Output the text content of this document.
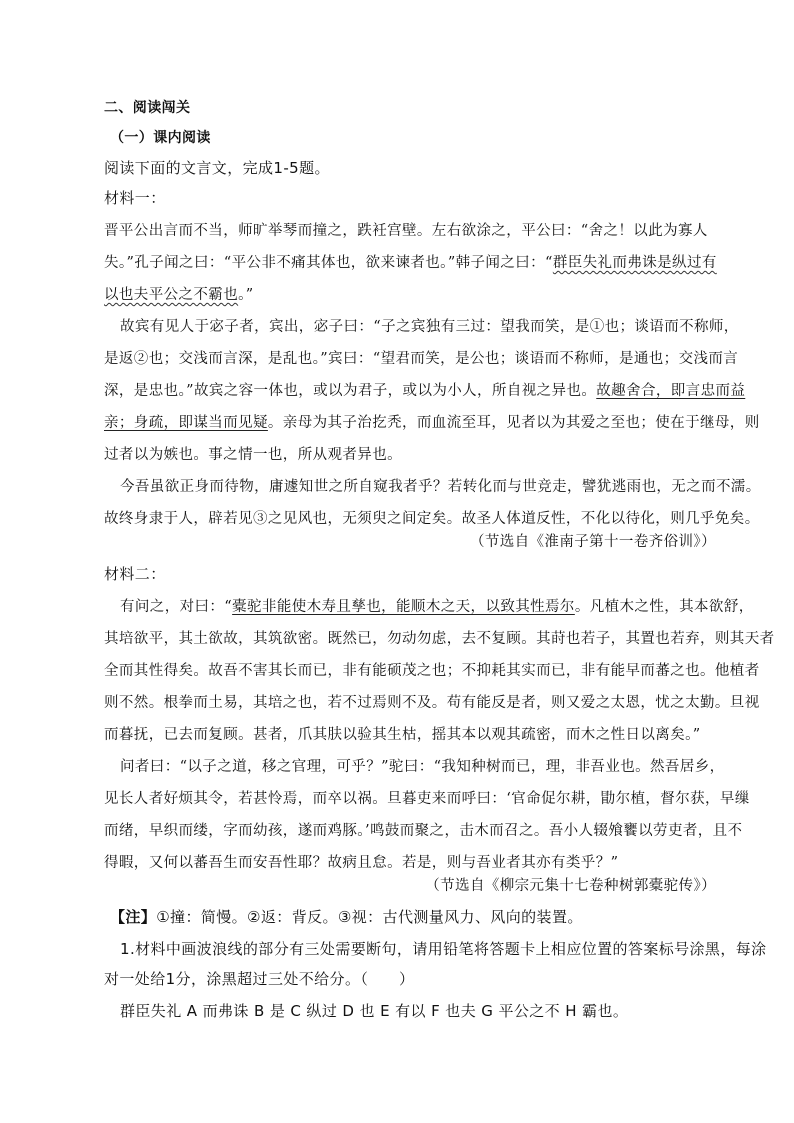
二、阅读闯关
（一）课内阅读
阅读下面的文言文，完成1-5题。
材料一：
晋平公出言而不当，师旷举琴而撞之，跌衽宫壁。左右欲涂之，平公曰：“舍之！以此为寡人
失。”孔子闻之曰：“平公非不痛其体也，欲来谏者也。”韩子闻之曰：“群臣失礼而弗诛是纵过有
以也夫平公之不霸也。”
故宾有见人于宓子者，宾出，宓子曰：“子之宾独有三过：望我而笑，是①也；谈语而不称师，
是返②也；交浅而言深，是乱也。”宾曰：“望君而笑，是公也；谈语而不称师，是通也；交浅而言
深，是忠也。”故宾之容一体也，或以为君子，或以为小人，所自视之异也。故趣舍合，即言忠而益
亲；身疏，即谋当而见疑。亲母为其子治扢秃，而血流至耳，见者以为其爱之至也；使在于继母，则
过者以为嫉也。事之情一也，所从观者异也。
今吾虽欲正身而待物，庸遽知世之所自窥我者乎？若转化而与世竞走，譬犹逃雨也，无之而不濡。
故终身隶于人，辟若见③之见风也，无须臾之间定矣。故圣人体道反性，不化以待化，则几乎免矣。
（节选自《淮南子第十一卷齐俗训》）
材料二：
有问之，对曰：“橐驼非能使木寿且孳也，能顺木之天，以致其性焉尔。凡植木之性，其本欲舒，
其培欲平，其土欲故，其筑欲密。既然已，勿动勿虑，去不复顾。其莳也若子，其置也若弃，则其天者
全而其性得矣。故吾不害其长而已，非有能硕茂之也；不抑耗其实而已，非有能早而蕃之也。他植者
则不然。根拳而土易，其培之也，若不过焉则不及。苟有能反是者，则又爱之太恩，忧之太勤。旦视
而暮抚，已去而复顾。甚者，爪其肤以验其生枯，摇其本以观其疏密，而木之性日以离矣。”
问者曰：“以子之道，移之官理，可乎？”驼曰：“我知种树而已，理，非吾业也。然吾居乡，
见长人者好烦其令，若甚怜焉，而卒以祸。旦暮吏来而呼曰：‘官命促尔耕，勖尔植，督尔获，早缫
而绪，早织而缕，字而幼孩，遂而鸡豚。’鸣鼓而聚之，击木而召之。吾小人辍飧饔以劳吏者，且不
得暇，又何以蕃吾生而安吾性耶？故病且怠。若是，则与吾业者其亦有类乎？”
（节选自《柳宗元集十七卷种树郭橐驼传》）
【注】①撞：简慢。②返：背反。③视：古代测量风力、风向的装置。
1.材料中画波浪线的部分有三处需要断句，请用铅笔将答题卡上相应位置的答案标号涂黑，每涂
对一处给1分，涂黑超过三处不给分。（　　）
群臣失礼 A 而弗诛 B 是 C 纵过 D 也 E 有以 F 也夫 G 平公之不 H 霸也。
